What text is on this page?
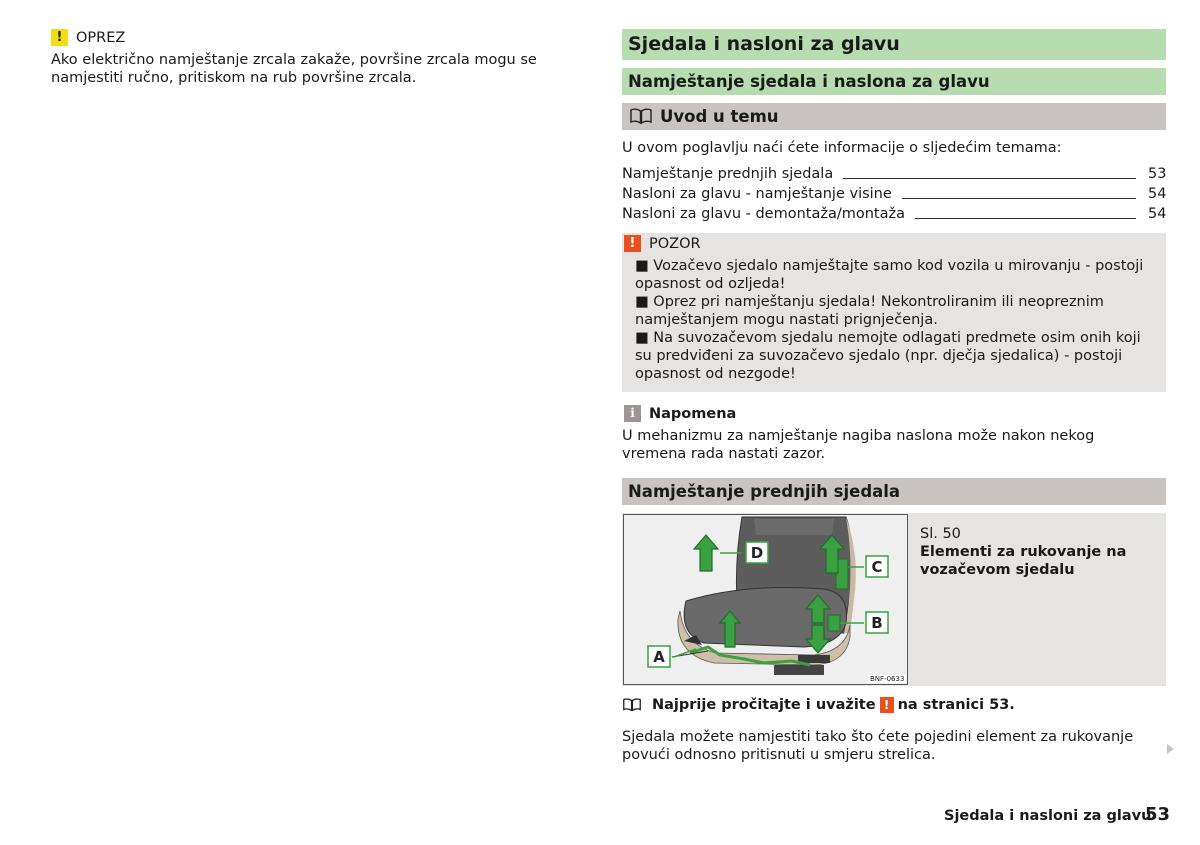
! OPREZ
Ako električno namještanje zrcala zakaže, površine zrcala mogu se namjestiti ručno, pritiskom na rub površine zrcala.
Sjedala i nasloni za glavu
Namještanje sjedala i naslona za glavu
Uvod u temu
U ovom poglavlju naći ćete informacije o sljedećim temama:
Namještanje prednjih sjedala	53
Nasloni za glavu - namještanje visine	54
Nasloni za glavu - demontaža/montaža	54
! POZOR
■ Vozačevo sjedalo namještajte samo kod vozila u mirovanju - postoji opasnost od ozljeda!
■ Oprez pri namještanju sjedala! Nekontroliranim ili neopreznim namještanjem mogu nastati prignječenja.
■ Na suvozačevom sjedalu nemojte odlagati predmete osim onih koji su predviđeni za suvozačevo sjedalo (npr. dječja sjedalica) - postoji opasnost od nezgode!
i Napomena
U mehanizmu za namještanje nagiba naslona može nakon nekog vremena rada nastati zazor.
Namještanje prednjih sjedala
A
B
C
D
BNF-0633
Sl. 50
Elementi za rukovanje na vozačevom sjedalu
Najprije pročitajte i uvažite ! na stranici 53.
Sjedala možete namjestiti tako što ćete pojedini element za rukovanje povući odnosno pritisnuti u smjeru strelica.
Sjedala i nasloni za glavu
53
